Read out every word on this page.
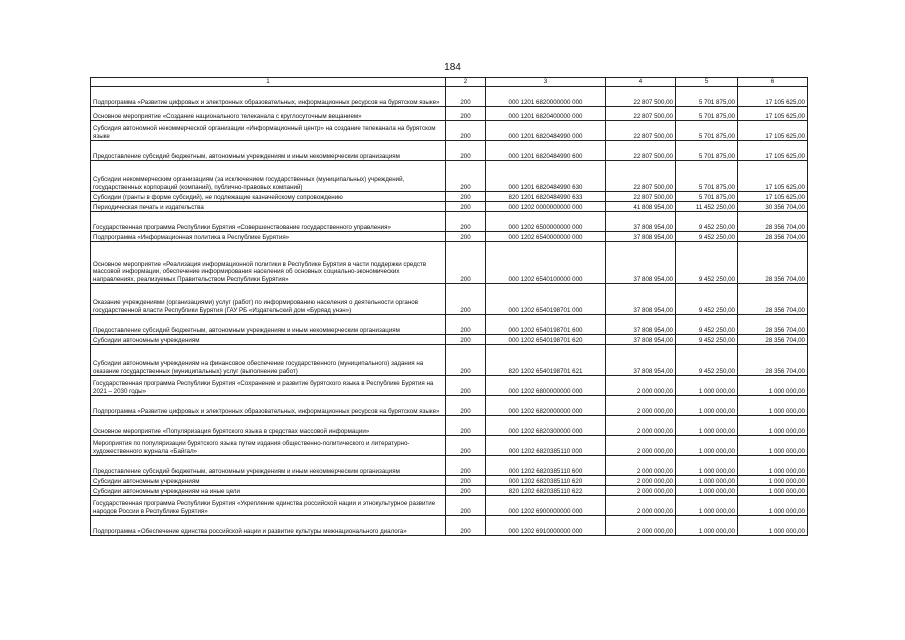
184
1	2	3	4	5	6
Подпрограмма «Развитие цифровых и электронных образовательных, информационных ресурсов на бурятском языке»	200	000 1201 6820000000 000	22 807 500,00	5 701 875,00	17 105 625,00
Основное мероприятие «Создание национального телеканала с круглосуточным вещанием»	200	000 1201 6820400000 000	22 807 500,00	5 701 875,00	17 105 625,00
Субсидия автономной некоммерческой организации «Информационный центр» на создание телеканала на бурятском языке	200	000 1201 6820484990 000	22 807 500,00	5 701 875,00	17 105 625,00
Предоставление субсидий бюджетным, автономным учреждениям и иным некоммерческим организациям	200	000 1201 6820484990 600	22 807 500,00	5 701 875,00	17 105 625,00
Субсидии некоммерческим организациям (за исключением государственных (муниципальных) учреждений, государственных корпораций (компаний), публично-правовых компаний)	200	000 1201 6820484990 630	22 807 500,00	5 701 875,00	17 105 625,00
Субсидии (гранты в форме субсидий), не подлежащие казначейскому сопровождению	200	820 1201 6820484990 633	22 807 500,00	5 701 875,00	17 105 625,00
Периодическая печать и издательства	200	000 1202 0000000000 000	41 808 954,00	11 452 250,00	30 356 704,00
Государственная программа Республики Бурятия «Совершенствование государственного управления»	200	000 1202 6500000000 000	37 808 954,00	9 452 250,00	28 356 704,00
Подпрограмма «Информационная политика в Республике Бурятия»	200	000 1202 6540000000 000	37 808 954,00	9 452 250,00	28 356 704,00
Основное мероприятие «Реализация информационной политики в Республике Бурятия в части поддержки средств массовой информации, обеспечение информирования населения об основных социально-экономических направлениях, реализуемых Правительством Республики Бурятия»	200	000 1202 6540100000 000	37 808 954,00	9 452 250,00	28 356 704,00
Оказание учреждениями (организациями) услуг (работ) по информированию населения о деятельности органов государственной власти Республики Бурятия (ГАУ РБ «Издательский дом «Буряад унэн»)	200	000 1202 6540198701 000	37 808 954,00	9 452 250,00	28 356 704,00
Предоставление субсидий бюджетным, автономным учреждениям и иным некоммерческим организациям	200	000 1202 6540198701 600	37 808 954,00	9 452 250,00	28 356 704,00
Субсидии автономным учреждениям	200	000 1202 6540198701 620	37 808 954,00	9 452 250,00	28 356 704,00
Субсидии автономным учреждениям на финансовое обеспечение государственного (муниципального) задания на оказание государственных (муниципальных) услуг (выполнение работ)	200	820 1202 6540198701 621	37 808 954,00	9 452 250,00	28 356 704,00
Государственная программа Республики Бурятия «Сохранение и развитие бурятского языка в Республике Бурятия на 2021 – 2030 годы»	200	000 1202 6800000000 000	2 000 000,00	1 000 000,00	1 000 000,00
Подпрограмма «Развитие цифровых и электронных образовательных, информационных ресурсов на бурятском языке»	200	000 1202 6820000000 000	2 000 000,00	1 000 000,00	1 000 000,00
Основное мероприятие «Популяризация бурятского языка в средствах массовой информации»	200	000 1202 6820300000 000	2 000 000,00	1 000 000,00	1 000 000,00
Мероприятия по популяризации бурятского языка путем издания общественно-политического и литературно-художественного журнала «Байгал»	200	000 1202 6820385110 000	2 000 000,00	1 000 000,00	1 000 000,00
Предоставление субсидий бюджетным, автономным учреждениям и иным некоммерческим организациям	200	000 1202 6820385110 600	2 000 000,00	1 000 000,00	1 000 000,00
Субсидии автономным учреждениям	200	000 1202 6820385110 620	2 000 000,00	1 000 000,00	1 000 000,00
Субсидии автономным учреждениям на иные цели	200	820 1202 6820385110 622	2 000 000,00	1 000 000,00	1 000 000,00
Государственная программа Республики Бурятия «Укрепление единства российской нации и этнокультурное развитие народов России в Республике Бурятия»	200	000 1202 6900000000 000	2 000 000,00	1 000 000,00	1 000 000,00
Подпрограмма «Обеспечение единства российской нации и развитие культуры межнационального диалога»	200	000 1202 6910000000 000	2 000 000,00	1 000 000,00	1 000 000,00
